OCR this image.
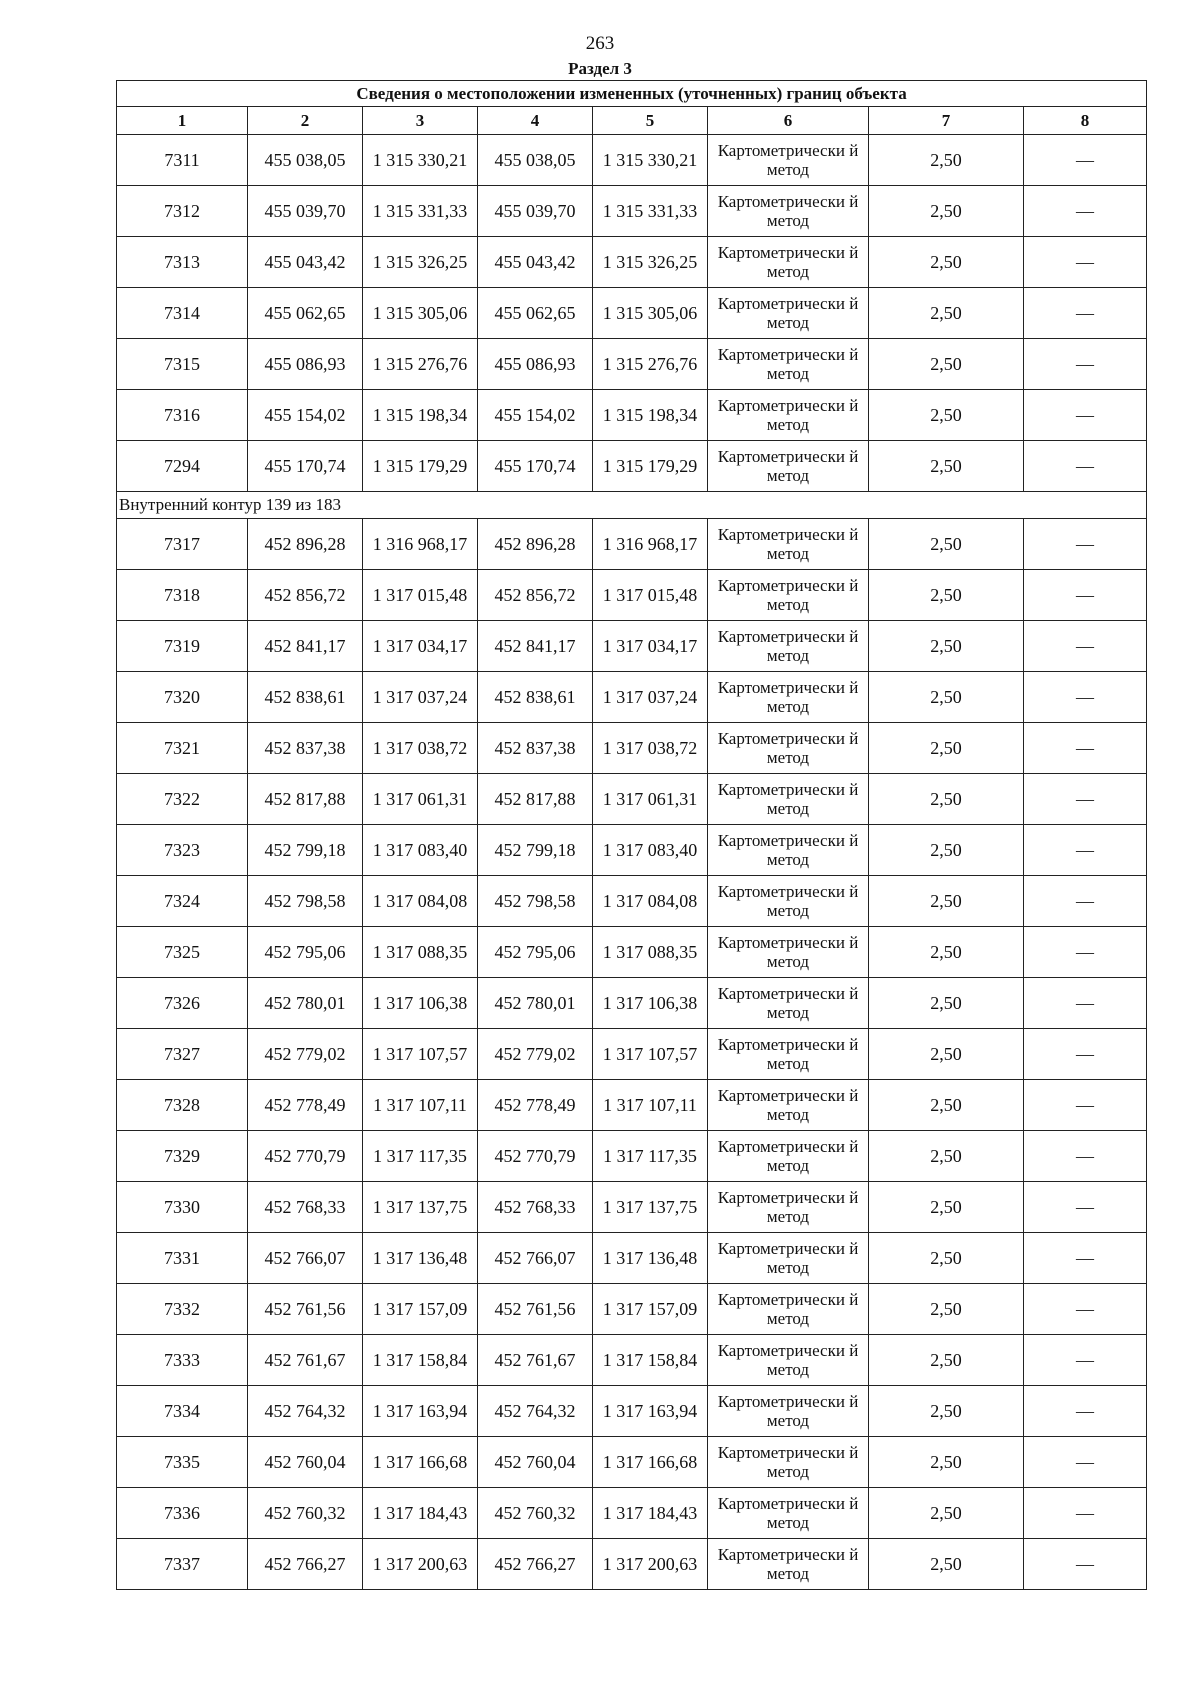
263
Раздел 3
Сведения о местоположении измененных (уточненных) границ объекта							
1	2	3	4	5	6	7	8
7311	455 038,05	1 315 330,21	455 038,05	1 315 330,21	Картометрически й метод	2,50	—
7312	455 039,70	1 315 331,33	455 039,70	1 315 331,33	Картометрически й метод	2,50	—
7313	455 043,42	1 315 326,25	455 043,42	1 315 326,25	Картометрически й метод	2,50	—
7314	455 062,65	1 315 305,06	455 062,65	1 315 305,06	Картометрически й метод	2,50	—
7315	455 086,93	1 315 276,76	455 086,93	1 315 276,76	Картометрически й метод	2,50	—
7316	455 154,02	1 315 198,34	455 154,02	1 315 198,34	Картометрически й метод	2,50	—
7294	455 170,74	1 315 179,29	455 170,74	1 315 179,29	Картометрически й метод	2,50	—
Внутренний контур 139 из 183							
7317	452 896,28	1 316 968,17	452 896,28	1 316 968,17	Картометрически й метод	2,50	—
7318	452 856,72	1 317 015,48	452 856,72	1 317 015,48	Картометрически й метод	2,50	—
7319	452 841,17	1 317 034,17	452 841,17	1 317 034,17	Картометрически й метод	2,50	—
7320	452 838,61	1 317 037,24	452 838,61	1 317 037,24	Картометрически й метод	2,50	—
7321	452 837,38	1 317 038,72	452 837,38	1 317 038,72	Картометрически й метод	2,50	—
7322	452 817,88	1 317 061,31	452 817,88	1 317 061,31	Картометрически й метод	2,50	—
7323	452 799,18	1 317 083,40	452 799,18	1 317 083,40	Картометрически й метод	2,50	—
7324	452 798,58	1 317 084,08	452 798,58	1 317 084,08	Картометрически й метод	2,50	—
7325	452 795,06	1 317 088,35	452 795,06	1 317 088,35	Картометрически й метод	2,50	—
7326	452 780,01	1 317 106,38	452 780,01	1 317 106,38	Картометрически й метод	2,50	—
7327	452 779,02	1 317 107,57	452 779,02	1 317 107,57	Картометрически й метод	2,50	—
7328	452 778,49	1 317 107,11	452 778,49	1 317 107,11	Картометрически й метод	2,50	—
7329	452 770,79	1 317 117,35	452 770,79	1 317 117,35	Картометрически й метод	2,50	—
7330	452 768,33	1 317 137,75	452 768,33	1 317 137,75	Картометрически й метод	2,50	—
7331	452 766,07	1 317 136,48	452 766,07	1 317 136,48	Картометрически й метод	2,50	—
7332	452 761,56	1 317 157,09	452 761,56	1 317 157,09	Картометрически й метод	2,50	—
7333	452 761,67	1 317 158,84	452 761,67	1 317 158,84	Картометрически й метод	2,50	—
7334	452 764,32	1 317 163,94	452 764,32	1 317 163,94	Картометрически й метод	2,50	—
7335	452 760,04	1 317 166,68	452 760,04	1 317 166,68	Картометрически й метод	2,50	—
7336	452 760,32	1 317 184,43	452 760,32	1 317 184,43	Картометрически й метод	2,50	—
7337	452 766,27	1 317 200,63	452 766,27	1 317 200,63	Картометрически й метод	2,50	—
